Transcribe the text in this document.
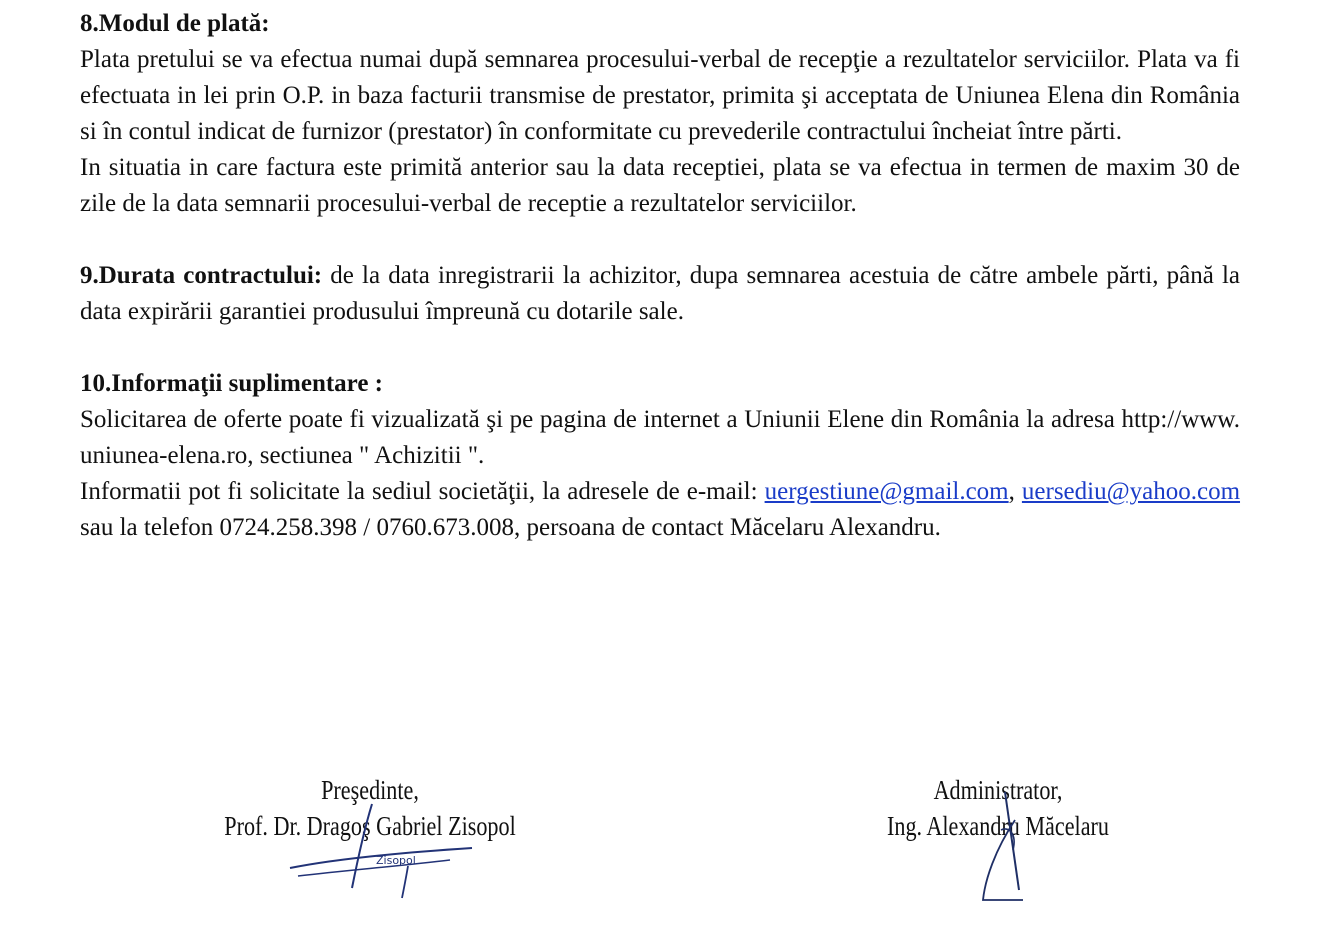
8.Modul de plată:

Plata pretului se va efectua numai după semnarea procesului-verbal de recepţie a rezultatelor serviciilor. Plata va fi efectuata in lei prin O.P. in baza facturii transmise de prestator, primita şi acceptata de Uniunea Elena din România si în contul indicat de furnizor (prestator) în conformitate cu prevederile contractului încheiat între părti.

In situatia in care factura este primită anterior sau la data receptiei, plata se va efectua in termen de maxim 30 de zile de la data semnarii procesului-verbal de receptie a rezultatelor serviciilor.

9.Durata contractului: de la data inregistrarii la achizitor, dupa semnarea acestuia de către ambele părti, până la data expirării garantiei produsului împreună cu dotarile sale.

10.Informaţii suplimentare :

Solicitarea de oferte poate fi vizualizată şi pe pagina de internet a Uniunii Elene din România la adresa http://www. uniunea-elena.ro, sectiunea " Achizitii ".

Informatii pot fi solicitate la sediul societăţii, la adresele de e-mail: uergestiune@gmail.com, uersediu@yahoo.com sau la telefon 0724.258.398 / 0760.673.008, persoana de contact Măcelaru Alexandru.

Preşedinte,
Prof. Dr. Dragoş Gabriel Zisopol
Zisopol
Administrator,
Ing. Alexandru Măcelaru
